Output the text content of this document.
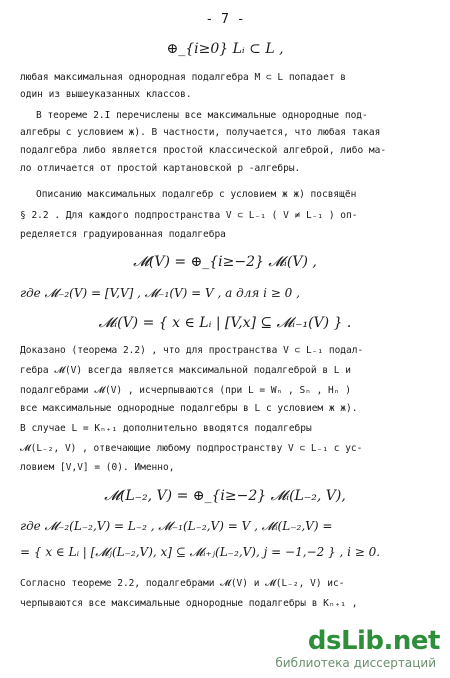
- 7 -
⊕_{i≥0} Lᵢ ⊂ L ,
любая максимальная однородная подалгебра M ⊂ L попадает в
один из вышеуказанных классов.
В теореме 2.I перечислены все максимальные однородные под-
алгебры с условием ж). В частности, получается, что любая такая
подалгебра либо является простой классической алгеброй, либо ма-
ло отличается от простой картановской p -алгебры.
Описанию максимальных подалгебр с условием ж ж) посвящён
§ 2.2 . Для каждого подпространства V ⊂ L₋₁ ( V ≠ L₋₁ ) оп-
ределяется градуированная подалгебра
𝓜(V) = ⊕_{i≥−2} 𝓜ᵢ(V) ,
где 𝓜₋₂(V) = [V,V] , 𝓜₋₁(V) = V , а для i ≥ 0 ,
𝓜ᵢ(V) = { x ∈ Lᵢ | [V,x] ⊆ 𝓜ᵢ₋₁(V) } .
Доказано (теорема 2.2) , что для пространства V ⊂ L₋₁ подал-
гебра 𝓜(V) всегда является максимальной подалгеброй в L и
подалгебрами 𝓜(V) , исчерпываются (при L = Wₙ , Sₙ , Hₙ )
все максимальные однородные подалгебры в L с условием ж ж).
В случае L = Kₙ₊₁ дополнительно вводятся подалгебры
𝓜(L₋₂, V) , отвечающие любому подпространству V ⊂ L₋₁ с ус-
ловием [V,V] = (0). Именно,
𝓜(L₋₂, V) = ⊕_{i≥−2} 𝓜ᵢ(L₋₂, V),
где 𝓜₋₂(L₋₂,V) = L₋₂ , 𝓜₋₁(L₋₂,V) = V , 𝓜ᵢ(L₋₂,V) =
= { x ∈ Lᵢ | [𝓜ⱼ(L₋₂,V), x] ⊆ 𝓜ᵢ₊ⱼ(L₋₂,V), j = −1,−2 } , i ≥ 0.
Согласно теореме 2.2, подалгебрами 𝓜(V) и 𝓜(L₋₂, V) ис-
черпываются все максимальные однородные подалгебры в Kₙ₊₁ ,
dsLib.net
библиотека диссертаций
